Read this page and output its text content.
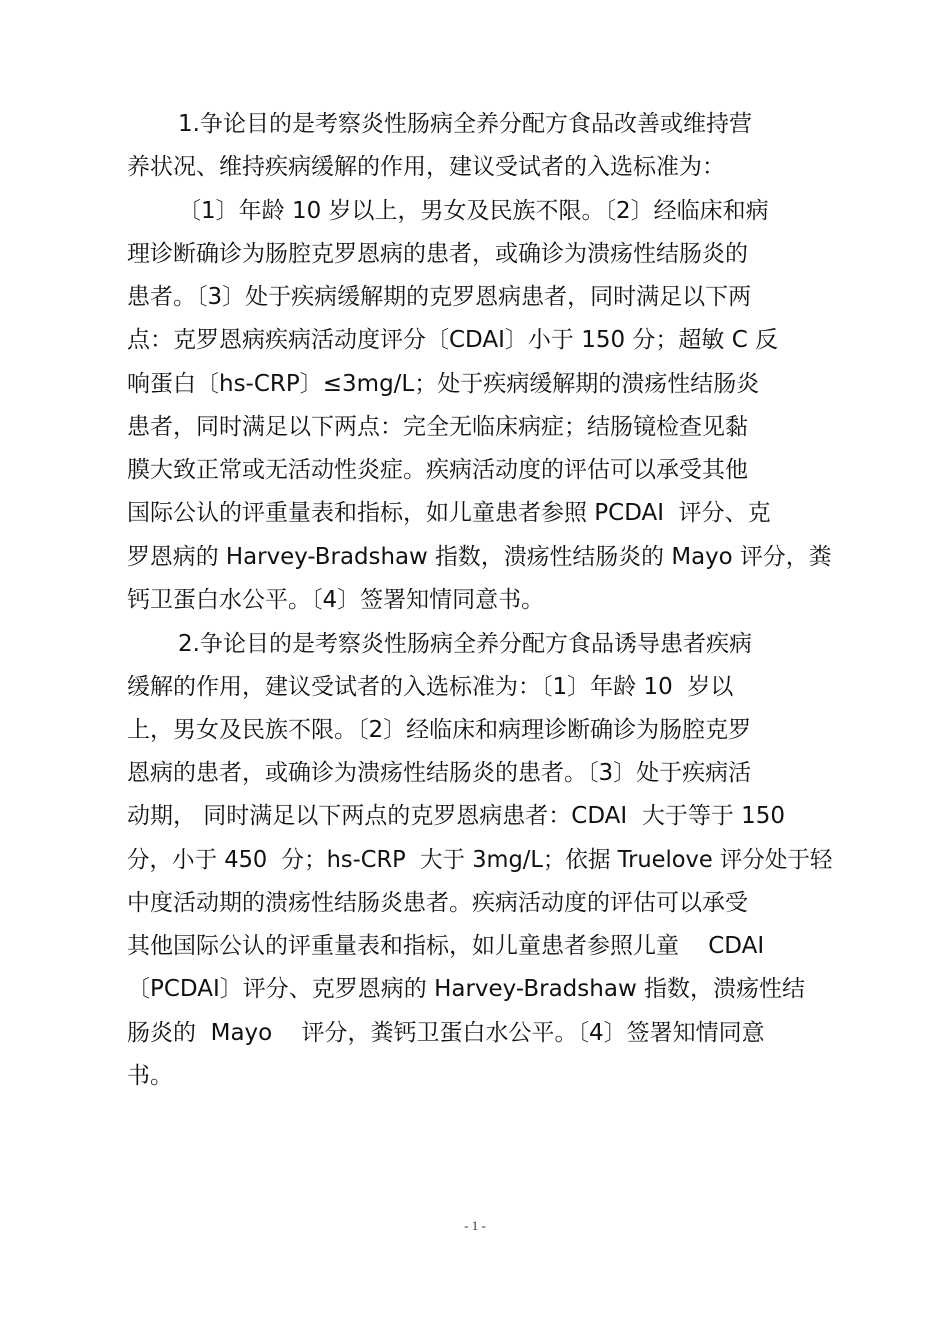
1.争论目的是考察炎性肠病全养分配方食品改善或维持营
养状况、维持疾病缓解的作用，建议受试者的入选标准为：
〔1〕年龄 10 岁以上，男女及民族不限。〔2〕经临床和病
理诊断确诊为肠腔克罗恩病的患者，或确诊为溃疡性结肠炎的
患者。〔3〕处于疾病缓解期的克罗恩病患者，同时满足以下两
点：克罗恩病疾病活动度评分〔CDAI〕小于 150 分；超敏 C 反
响蛋白〔hs-CRP〕≤3mg/L；处于疾病缓解期的溃疡性结肠炎
患者，同时满足以下两点：完全无临床病症；结肠镜检查见黏
膜大致正常或无活动性炎症。疾病活动度的评估可以承受其他
国际公认的评重量表和指标，如儿童患者参照 PCDAI  评分、克
罗恩病的 Harvey-Bradshaw 指数，溃疡性结肠炎的 Mayo 评分，粪
钙卫蛋白水公平。〔4〕签署知情同意书。
2.争论目的是考察炎性肠病全养分配方食品诱导患者疾病
缓解的作用，建议受试者的入选标准为：〔1〕年龄 10  岁以
上，男女及民族不限。〔2〕经临床和病理诊断确诊为肠腔克罗
恩病的患者，或确诊为溃疡性结肠炎的患者。〔3〕处于疾病活
动期， 同时满足以下两点的克罗恩病患者：CDAI  大于等于 150
分，小于 450  分；hs-CRP  大于 3mg/L；依据 Truelove 评分处于轻
中度活动期的溃疡性结肠炎患者。疾病活动度的评估可以承受
其他国际公认的评重量表和指标，如儿童患者参照儿童    CDAI
〔PCDAI〕评分、克罗恩病的 Harvey-Bradshaw 指数，溃疡性结
肠炎的  Mayo    评分，粪钙卫蛋白水公平。〔4〕签署知情同意
书。
- 1 -
